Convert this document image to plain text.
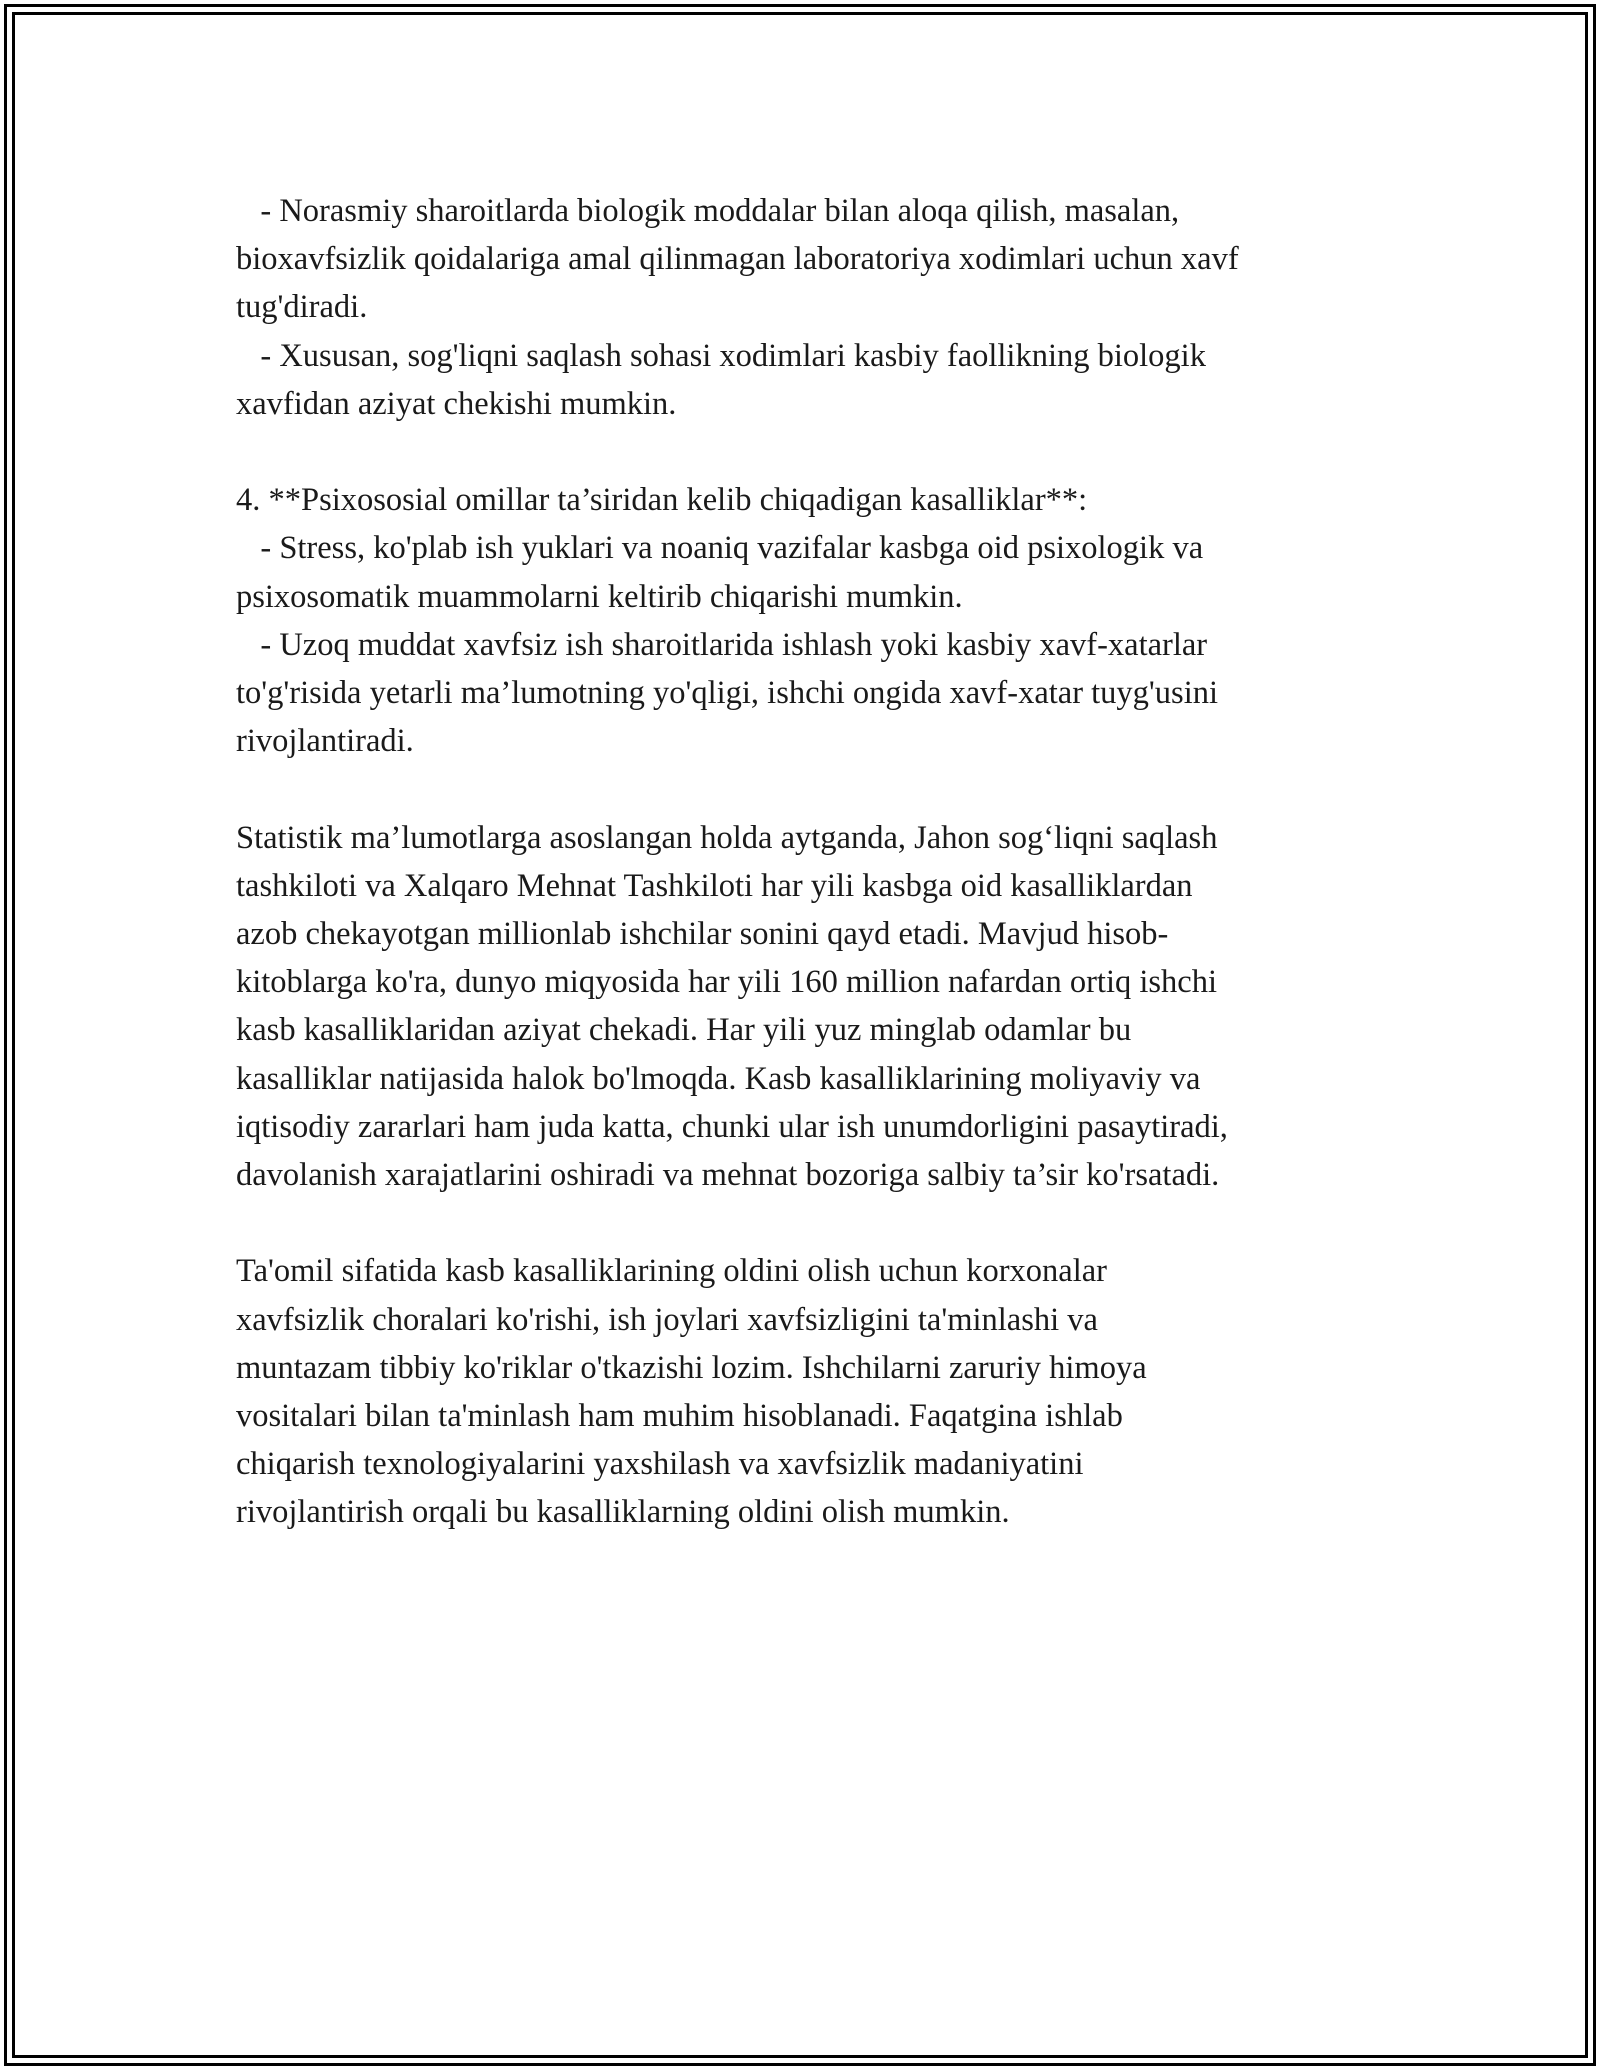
- Norasmiy sharoitlarda biologik moddalar bilan aloqa qilish, masalan,
bioxavfsizlik qoidalariga amal qilinmagan laboratoriya xodimlari uchun xavf
tug'diradi.
- Xususan, sog'liqni saqlash sohasi xodimlari kasbiy faollikning biologik
xavfidan aziyat chekishi mumkin.
4. **Psixososial omillar ta’siridan kelib chiqadigan kasalliklar**:
- Stress, ko'plab ish yuklari va noaniq vazifalar kasbga oid psixologik va
psixosomatik muammolarni keltirib chiqarishi mumkin.
- Uzoq muddat xavfsiz ish sharoitlarida ishlash yoki kasbiy xavf-xatarlar
to'g'risida yetarli ma’lumotning yo'qligi, ishchi ongida xavf-xatar tuyg'usini
rivojlantiradi.
Statistik ma’lumotlarga asoslangan holda aytganda, Jahon sog‘liqni saqlash
tashkiloti va Xalqaro Mehnat Tashkiloti har yili kasbga oid kasalliklardan
azob chekayotgan millionlab ishchilar sonini qayd etadi. Mavjud hisob-
kitoblarga ko'ra, dunyo miqyosida har yili 160 million nafardan ortiq ishchi
kasb kasalliklaridan aziyat chekadi. Har yili yuz minglab odamlar bu
kasalliklar natijasida halok bo'lmoqda. Kasb kasalliklarining moliyaviy va
iqtisodiy zararlari ham juda katta, chunki ular ish unumdorligini pasaytiradi,
davolanish xarajatlarini oshiradi va mehnat bozoriga salbiy ta’sir ko'rsatadi.
Ta'omil sifatida kasb kasalliklarining oldini olish uchun korxonalar
xavfsizlik choralari ko'rishi, ish joylari xavfsizligini ta'minlashi va
muntazam tibbiy ko'riklar o'tkazishi lozim. Ishchilarni zaruriy himoya
vositalari bilan ta'minlash ham muhim hisoblanadi. Faqatgina ishlab
chiqarish texnologiyalarini yaxshilash va xavfsizlik madaniyatini
rivojlantirish orqali bu kasalliklarning oldini olish mumkin.
